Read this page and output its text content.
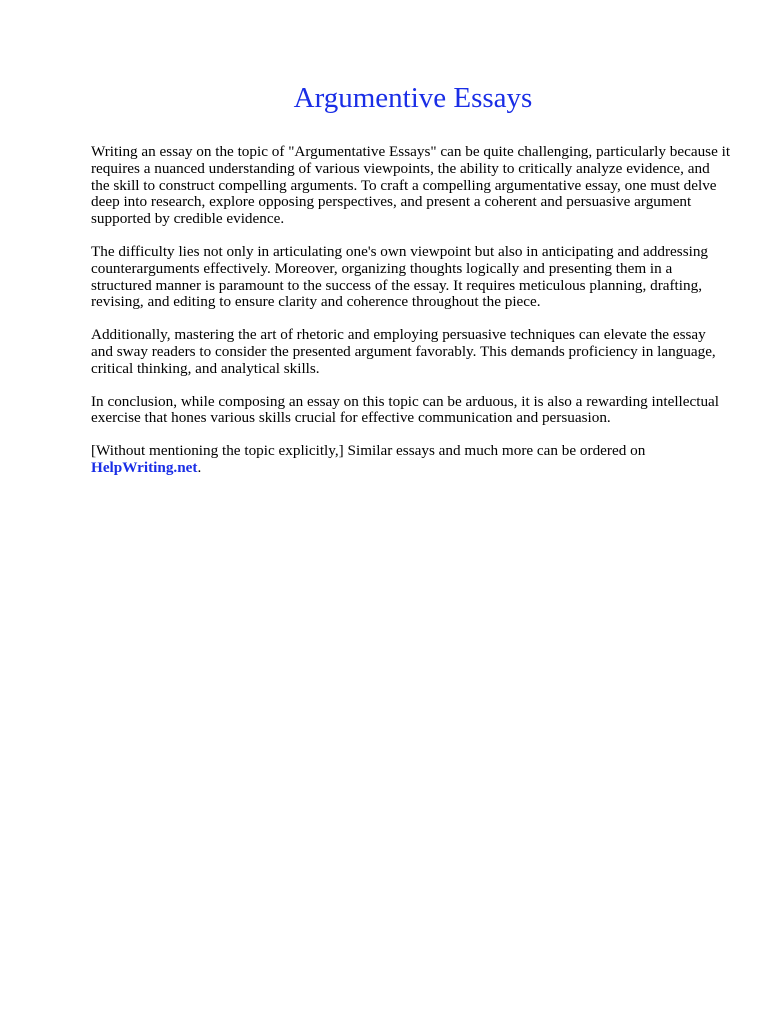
Argumentive Essays

Writing an essay on the topic of "Argumentative Essays" can be quite challenging, particularly because it requires a nuanced understanding of various viewpoints, the ability to critically analyze evidence, and the skill to construct compelling arguments. To craft a compelling argumentative essay, one must delve deep into research, explore opposing perspectives, and present a coherent and persuasive argument supported by credible evidence.

The difficulty lies not only in articulating one's own viewpoint but also in anticipating and addressing counterarguments effectively. Moreover, organizing thoughts logically and presenting them in a structured manner is paramount to the success of the essay. It requires meticulous planning, drafting, revising, and editing to ensure clarity and coherence throughout the piece.

Additionally, mastering the art of rhetoric and employing persuasive techniques can elevate the essay and sway readers to consider the presented argument favorably. This demands proficiency in language, critical thinking, and analytical skills.

In conclusion, while composing an essay on this topic can be arduous, it is also a rewarding intellectual exercise that hones various skills crucial for effective communication and persuasion.

[Without mentioning the topic explicitly,] Similar essays and much more can be ordered on
HelpWriting.net.
